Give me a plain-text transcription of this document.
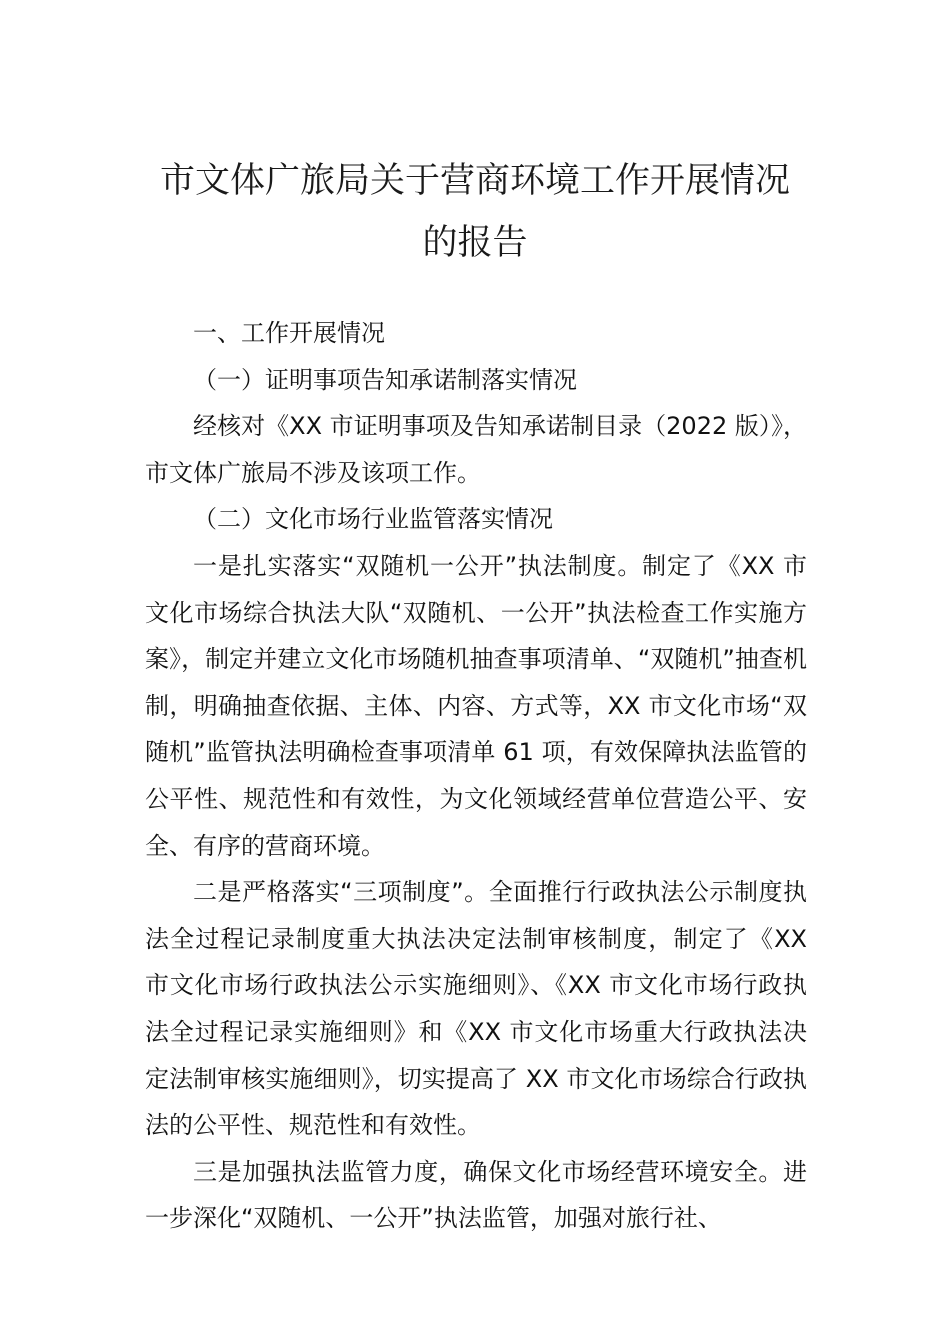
市文体广旅局关于营商环境工作开展情况
的报告

一、工作开展情况

（一）证明事项告知承诺制落实情况

经核对《XX 市证明事项及告知承诺制目录（2022 版）》，市文体广旅局不涉及该项工作。

（二）文化市场行业监管落实情况

一是扎实落实“双随机一公开”执法制度。制定了《XX 市文化市场综合执法大队“双随机、一公开”执法检查工作实施方案》，制定并建立文化市场随机抽查事项清单、“双随机”抽查机制，明确抽查依据、主体、内容、方式等，XX 市文化市场“双随机”监管执法明确检查事项清单 61 项，有效保障执法监管的公平性、规范性和有效性，为文化领域经营单位营造公平、安全、有序的营商环境。

二是严格落实“三项制度”。全面推行行政执法公示制度执法全过程记录制度重大执法决定法制审核制度，制定了《XX 市文化市场行政执法公示实施细则》、《XX 市文化市场行政执法全过程记录实施细则》和《XX 市文化市场重大行政执法决定法制审核实施细则》，切实提高了 XX 市文化市场综合行政执法的公平性、规范性和有效性。

三是加强执法监管力度，确保文化市场经营环境安全。进一步深化“双随机、一公开”执法监管，加强对旅行社、
